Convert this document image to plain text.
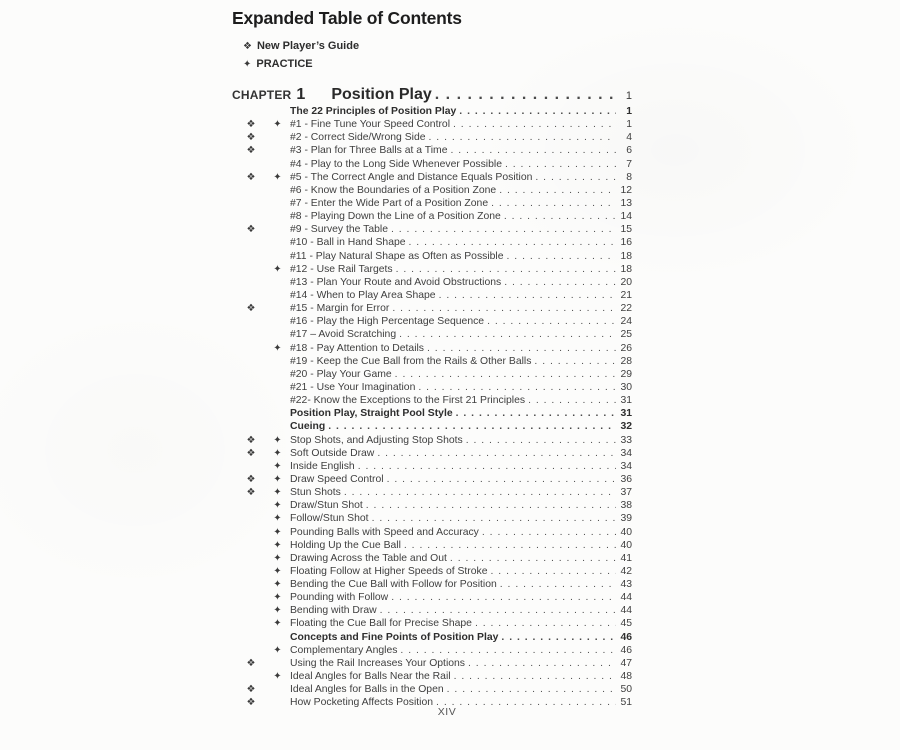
Expanded Table of Contents
❖ New Player’s Guide
✦ PRACTICE
CHAPTER 1 Position Play . . .	1
The 22 Principles of Position Play . . .	1
❖	✦ #1 - Fine Tune Your Speed Control . . .	1
❖	#2 - Correct Side/Wrong Side . . .	4
❖	#3 - Plan for Three Balls at a Time . . .	6
#4 - Play to the Long Side Whenever Possible . . .	7
❖	✦ #5 - The Correct Angle and Distance Equals Position . . .	8
#6 - Know the Boundaries of a Position Zone . . .	12
#7 - Enter the Wide Part of a Position Zone . . .	13
#8 - Playing Down the Line of a Position Zone . . .	14
❖	#9 - Survey the Table . . .	15
#10 - Ball in Hand Shape . . .	16
#11 - Play Natural Shape as Often as Possible . . .	18
✦ #12 - Use Rail Targets . . .	18
#13 - Plan Your Route and Avoid Obstructions . . .	20
#14 - When to Play Area Shape . . .	21
❖	#15 - Margin for Error . . .	22
#16 - Play the High Percentage Sequence . . .	24
#17 – Avoid Scratching . . .	25
✦ #18 - Pay Attention to Details . . .	26
#19 - Keep the Cue Ball from the Rails & Other Balls . . .	28
#20 - Play Your Game . . .	29
#21 - Use Your Imagination . . .	30
#22- Know the Exceptions to the First 21 Principles . . .	31
Position Play, Straight Pool Style . . .	31
Cueing . . .	32
❖	✦ Stop Shots, and Adjusting Stop Shots . . .	33
❖	✦ Soft Outside Draw . . .	34
✦ Inside English . . .	34
❖	✦ Draw Speed Control . . .	36
❖	✦ Stun Shots . . .	37
✦ Draw/Stun Shot . . .	38
✦ Follow/Stun Shot . . .	39
✦ Pounding Balls with Speed and Accuracy . . .	40
✦ Holding Up the Cue Ball . . .	40
✦ Drawing Across the Table and Out . . .	41
✦ Floating Follow at Higher Speeds of Stroke . . .	42
✦ Bending the Cue Ball with Follow for Position . . .	43
✦ Pounding with Follow . . .	44
✦ Bending with Draw . . .	44
✦ Floating the Cue Ball for Precise Shape . . .	45
Concepts and Fine Points of Position Play . . .	46
✦ Complementary Angles . . .	46
❖	Using the Rail Increases Your Options . . .	47
✦ Ideal Angles for Balls Near the Rail . . .	48
❖	Ideal Angles for Balls in the Open . . .	50
❖	How Pocketing Affects Position . . .	51
XIV
